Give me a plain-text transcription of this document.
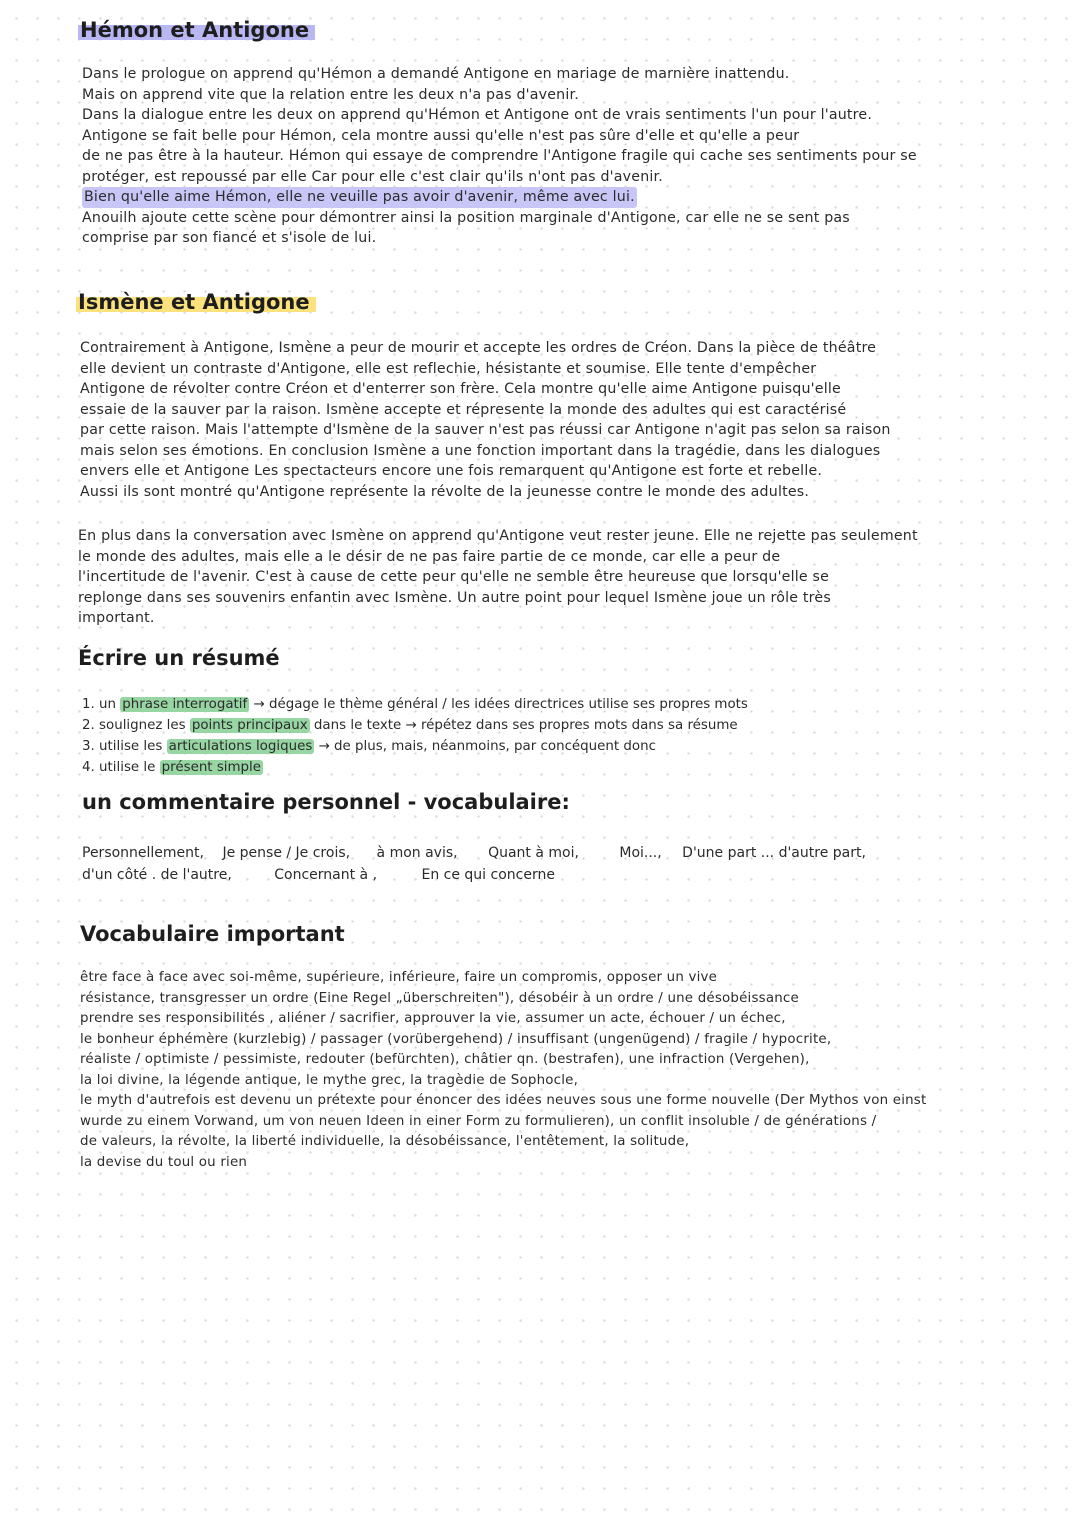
Hémon et Antigone

Dans le prologue on apprend qu'Hémon a demandé Antigone en mariage de marnière inattendu.

Mais on apprend vite que la relation entre les deux n'a pas d'avenir.

Dans la dialogue entre les deux on apprend qu'Hémon et Antigone ont de vrais sentiments l'un pour l'autre.

Antigone se fait belle pour Hémon, cela montre aussi qu'elle n'est pas sûre d'elle et qu'elle a peur

de ne pas être à la hauteur. Hémon qui essaye de comprendre l'Antigone fragile qui cache ses sentiments pour se

protéger, est repoussé par elle Car pour elle c'est clair qu'ils n'ont pas d'avenir.

Bien qu'elle aime Hémon, elle ne veuille pas avoir d'avenir, même avec lui.

Anouilh ajoute cette scène pour démontrer ainsi la position marginale d'Antigone, car elle ne se sent pas

comprise par son fiancé et s'isole de lui.

Ismène et Antigone

Contrairement à Antigone, Ismène a peur de mourir et accepte les ordres de Créon. Dans la pièce de théâtre

elle devient un contraste d'Antigone, elle est reflechie, hésistante et soumise. Elle tente d'empêcher

Antigone de révolter contre Créon et d'enterrer son frère. Cela montre qu'elle aime Antigone puisqu'elle

essaie de la sauver par la raison. Ismène accepte et répresente la monde des adultes qui est caractérisé

par cette raison. Mais l'attempte d'Ismène de la sauver n'est pas réussi car Antigone n'agit pas selon sa raison

mais selon ses émotions. En conclusion Ismène a une fonction important dans la tragédie, dans les dialogues

envers elle et Antigone Les spectacteurs encore une fois remarquent qu'Antigone est forte et rebelle.

Aussi ils sont montré qu'Antigone représente la révolte de la jeunesse contre le monde des adultes.

En plus dans la conversation avec Ismène on apprend qu'Antigone veut rester jeune. Elle ne rejette pas seulement

le monde des adultes, mais elle a le désir de ne pas faire partie de ce monde, car elle a peur de

l'incertitude de l'avenir. C'est à cause de cette peur qu'elle ne semble être heureuse que lorsqu'elle se

replonge dans ses souvenirs enfantin avec Ismène. Un autre point pour lequel Ismène joue un rôle très

important.

Écrire un résumé
1. un phrase interrogatif → dégage le thème général / les idées directrices utilise ses propres mots
2. soulignez les points principaux dans le texte → répétez dans ses propres mots dans sa résume
3. utilise les articulations logiques → de plus, mais, néanmoins, par concéquent donc
4. utilise le présent simple
un commentaire personnel - vocabulaire:
Personnellement, Je pense / Je crois, à mon avis, Quant à moi,	Moi..., D'une part ... d'autre part,
d'un côté . de l'autre,	Concernant à ,	En ce qui concerne
Vocabulaire important

être face à face avec soi-même, supérieure, inférieure, faire un compromis, opposer un vive

résistance, transgresser un ordre (Eine Regel „überschreiten"), désobéir à un ordre / une désobéissance

prendre ses responsibilités , aliéner / sacrifier, approuver la vie, assumer un acte, échouer / un échec,

le bonheur éphémère (kurzlebig) / passager (vorübergehend) / insuffisant (ungenügend) / fragile / hypocrite,

réaliste / optimiste / pessimiste, redouter (befürchten), châtier qn. (bestrafen), une infraction (Vergehen),

la loi divine, la légende antique, le mythe grec, la tragèdie de Sophocle,

le myth d'autrefois est devenu un prétexte pour énoncer des idées neuves sous une forme nouvelle (Der Mythos von einst

wurde zu einem Vorwand, um von neuen Ideen in einer Form zu formulieren), un conflit insoluble / de générations /

de valeurs, la révolte, la liberté individuelle, la désobéissance, l'entêtement, la solitude,

la devise du toul ou rien
